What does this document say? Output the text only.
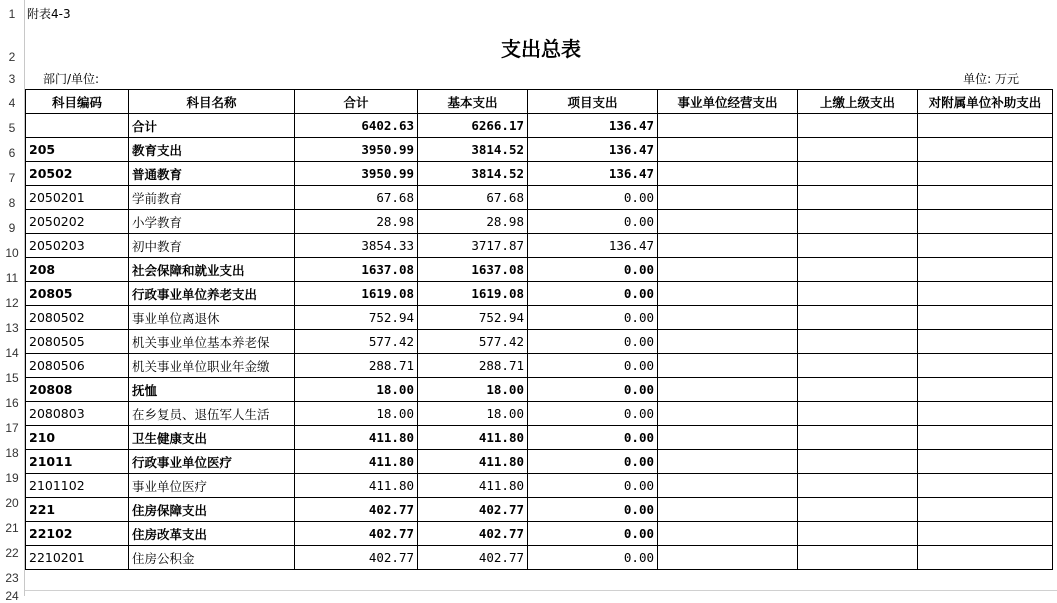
1
2
3
4
5
6
7
8
9
10
11
12
13
14
15
16
17
18
19
20
21
22
23
24
附表4-3
支出总表
部门/单位:	单位: 万元
科目编码	科目名称	合计	基本支出	项目支出	事业单位经营支出	上缴上级支出	对附属单位补助支出
	合计	6402.63	6266.17	136.47			
205	教育支出	3950.99	3814.52	136.47			
20502	普通教育	3950.99	3814.52	136.47			
2050201	学前教育	67.68	67.68	0.00			
2050202	小学教育	28.98	28.98	0.00			
2050203	初中教育	3854.33	3717.87	136.47			
208	社会保障和就业支出	1637.08	1637.08	0.00			
20805	行政事业单位养老支出	1619.08	1619.08	0.00			
2080502	事业单位离退休	752.94	752.94	0.00			
2080505	机关事业单位基本养老保	577.42	577.42	0.00			
2080506	机关事业单位职业年金缴	288.71	288.71	0.00			
20808	抚恤	18.00	18.00	0.00			
2080803	在乡复员、退伍军人生活	18.00	18.00	0.00			
210	卫生健康支出	411.80	411.80	0.00			
21011	行政事业单位医疗	411.80	411.80	0.00			
2101102	事业单位医疗	411.80	411.80	0.00			
221	住房保障支出	402.77	402.77	0.00			
22102	住房改革支出	402.77	402.77	0.00			
2210201	住房公积金	402.77	402.77	0.00			
